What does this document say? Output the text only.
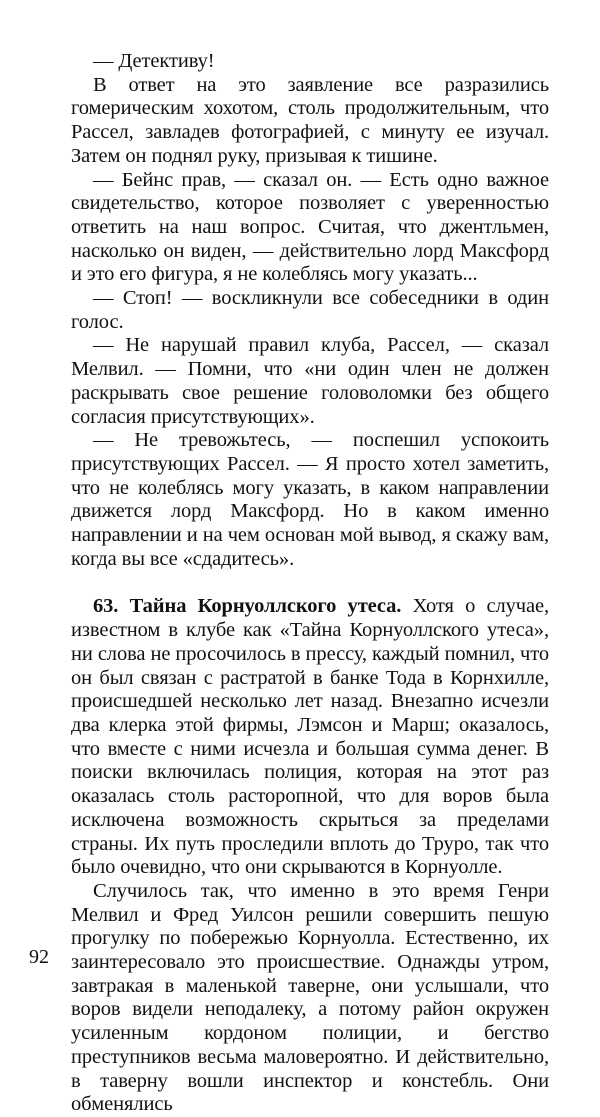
— Детективу!

В ответ на это заявление все разразились гомерическим хохотом, столь продолжительным, что Рассел, завладев фотографией, с минуту ее изучал. Затем он поднял руку, призывая к тишине.

— Бейнс прав, — сказал он. — Есть одно важное свидетельство, которое позволяет с уверенностью ответить на наш вопрос. Считая, что джентльмен, насколько он виден, — действительно лорд Максфорд и это его фигура, я не колеблясь могу указать...

— Стоп! — воскликнули все собеседники в один голос.

— Не нарушай правил клуба, Рассел, — сказал Мелвил. — Помни, что «ни один член не должен раскрывать свое решение головоломки без общего согласия присутствующих».

— Не тревожьтесь, — поспешил успокоить присутствующих Рассел. — Я просто хотел заметить, что не колеблясь могу указать, в каком направлении движется лорд Максфорд. Но в каком именно направлении и на чем основан мой вывод, я скажу вам, когда вы все «сдадитесь».

63. Тайна Корнуоллского утеса. Хотя о случае, известном в клубе как «Тайна Корнуоллского утеса», ни слова не просочилось в прессу, каждый помнил, что он был связан с растратой в банке Тода в Корнхилле, происшедшей несколько лет назад. Внезапно исчезли два клерка этой фирмы, Лэмсон и Марш; оказалось, что вместе с ними исчезла и большая сумма денег. В поиски включилась полиция, которая на этот раз оказалась столь расторопной, что для воров была исключена возможность скрыться за пределами страны. Их путь проследили вплоть до Труро, так что было очевидно, что они скрываются в Корнуолле.

Случилось так, что именно в это время Генри Мелвил и Фред Уилсон решили совершить пешую прогулку по побережью Корнуолла. Естественно, их заинтересовало это происшествие. Однажды утром, завтракая в маленькой таверне, они услышали, что воров видели неподалеку, а потому район окружен усиленным кордоном полиции, и бегство преступников весьма маловероятно. И действительно, в таверну вошли инспектор и констебль. Они обменялись

92
